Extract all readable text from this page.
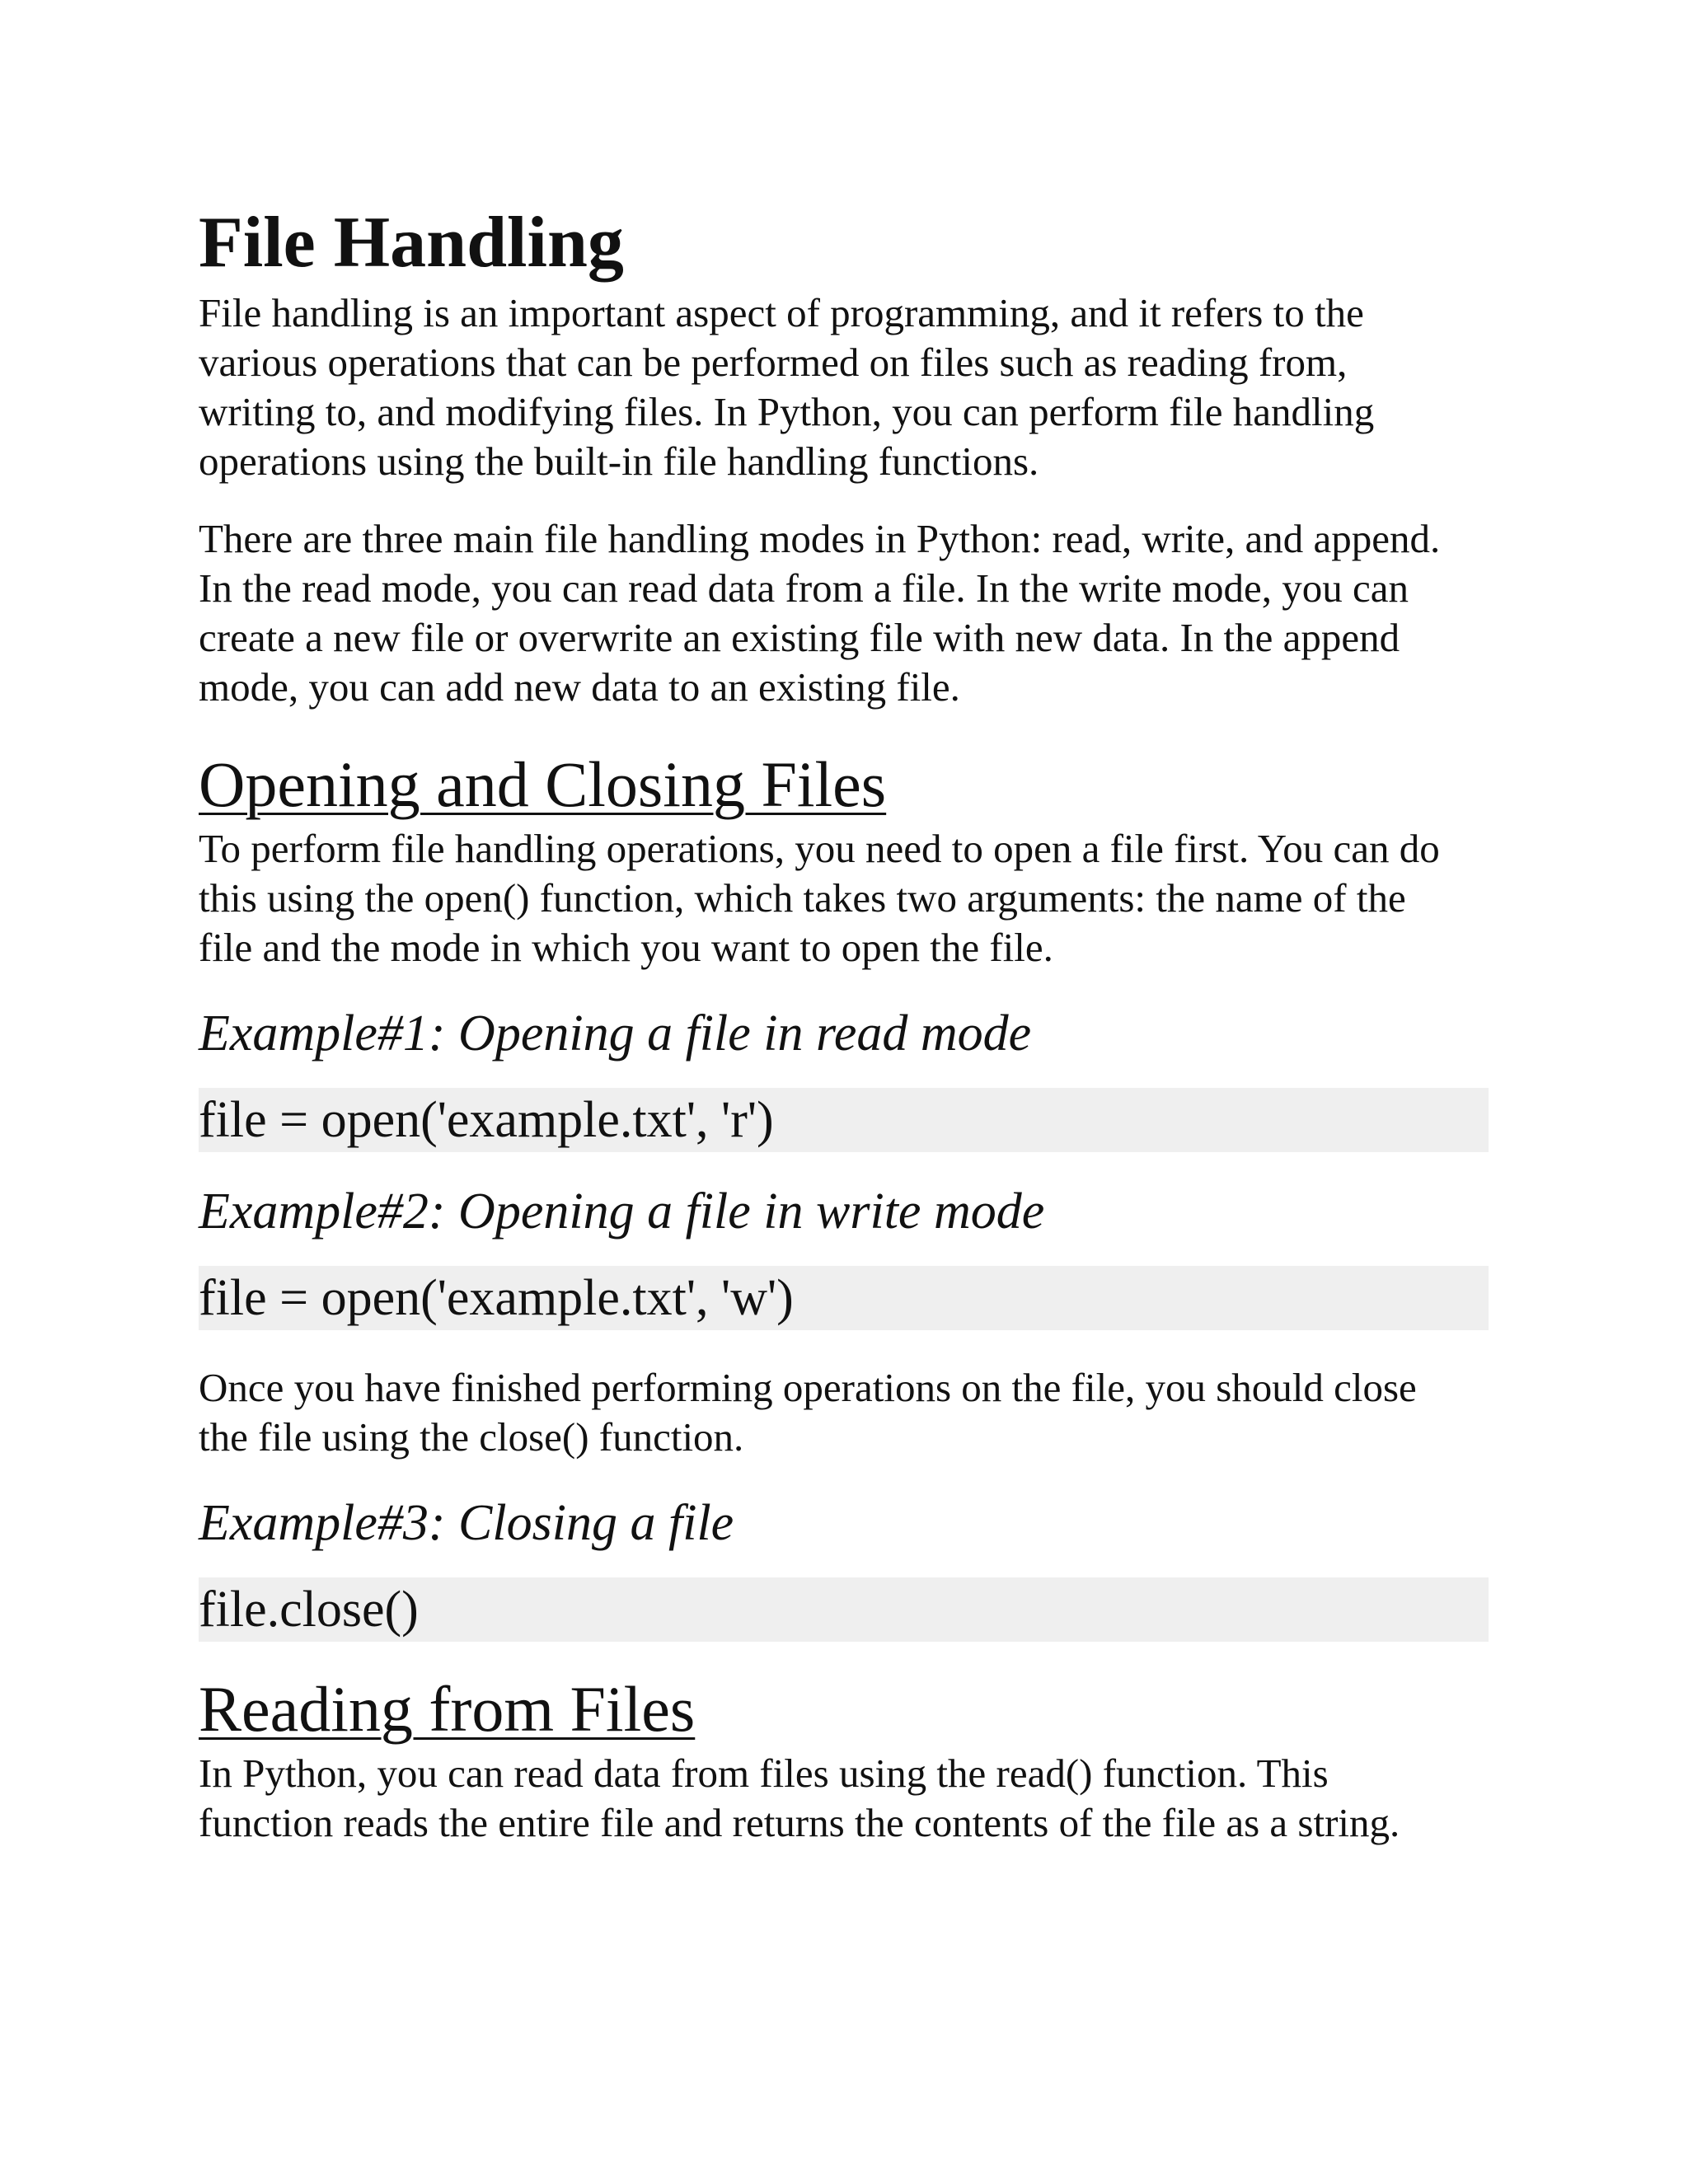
File Handling

File handling is an important aspect of programming, and it refers to the
various operations that can be performed on files such as reading from,
writing to, and modifying files. In Python, you can perform file handling
operations using the built-in file handling functions.

There are three main file handling modes in Python: read, write, and append.
In the read mode, you can read data from a file. In the write mode, you can
create a new file or overwrite an existing file with new data. In the append
mode, you can add new data to an existing file.

Opening and Closing Files

To perform file handling operations, you need to open a file first. You can do
this using the open() function, which takes two arguments: the name of the
file and the mode in which you want to open the file.

Example#1: Opening a file in read mode
file = open('example.txt', 'r')
Example#2: Opening a file in write mode
file = open('example.txt', 'w')

Once you have finished performing operations on the file, you should close
the file using the close() function.

Example#3: Closing a file
file.close()
Reading from Files

In Python, you can read data from files using the read() function. This
function reads the entire file and returns the contents of the file as a string.
